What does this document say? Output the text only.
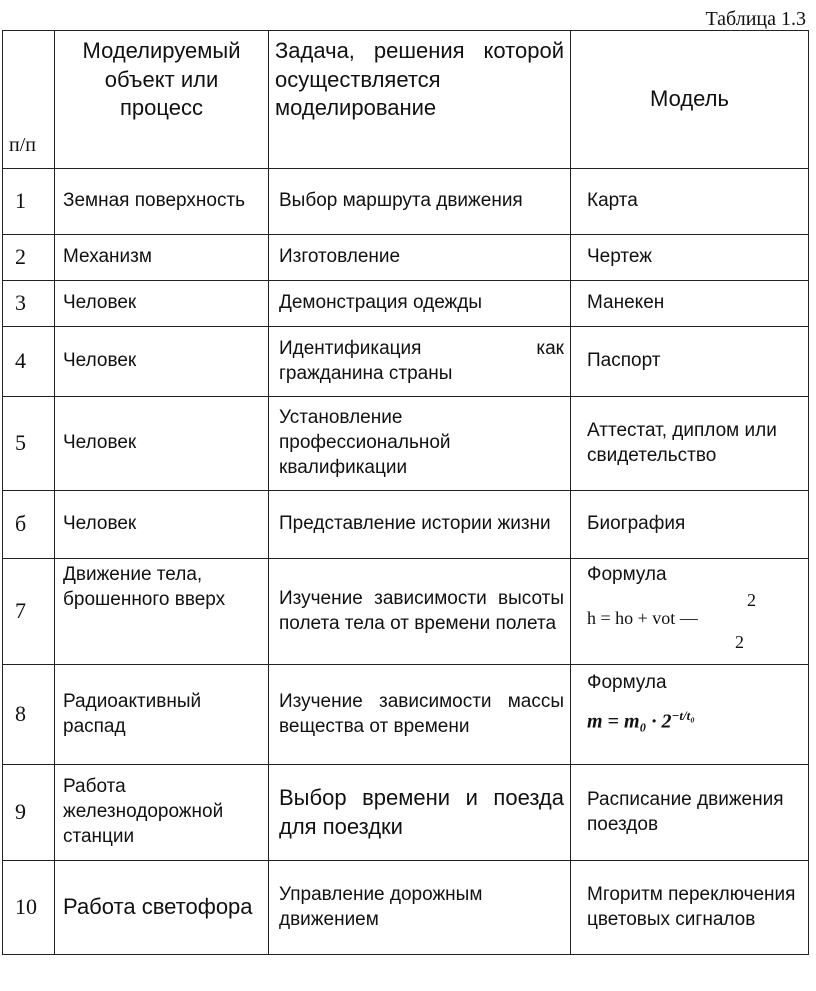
Таблица 1.3
п/п	Моделируемый объект или процесс	Задача, решения которой осуществляется моделирование	Модель
1	Земная поверхность	Выбор маршрута движения	Карта
2	Механизм	Изготовление	Чертеж
3	Человек	Демонстрация одежды	Манекен
4	Человек	Идентификация как гражданина страны	Паспорт
5	Человек	Установление профессиональной квалификации	Аттестат, диплом или свидетельство
б	Человек	Представление истории жизни	Биография
7	Движение тела, брошенного вверх	Изучение зависимости высоты полета тела от времени полета	Формула
2
h = ho + vot —
2

8	Радиоактивный распад	Изучение зависимости массы вещества от времени	Формула
$m = m_0 \cdot 2^{-t/t_0}$

9	Работа железнодорожной станции	Выбор времени и поезда для поездки	Расписание движения поездов
10	Работа светофора	Управление дорожным движением	Мгоритм переключения цветовых сигналов
